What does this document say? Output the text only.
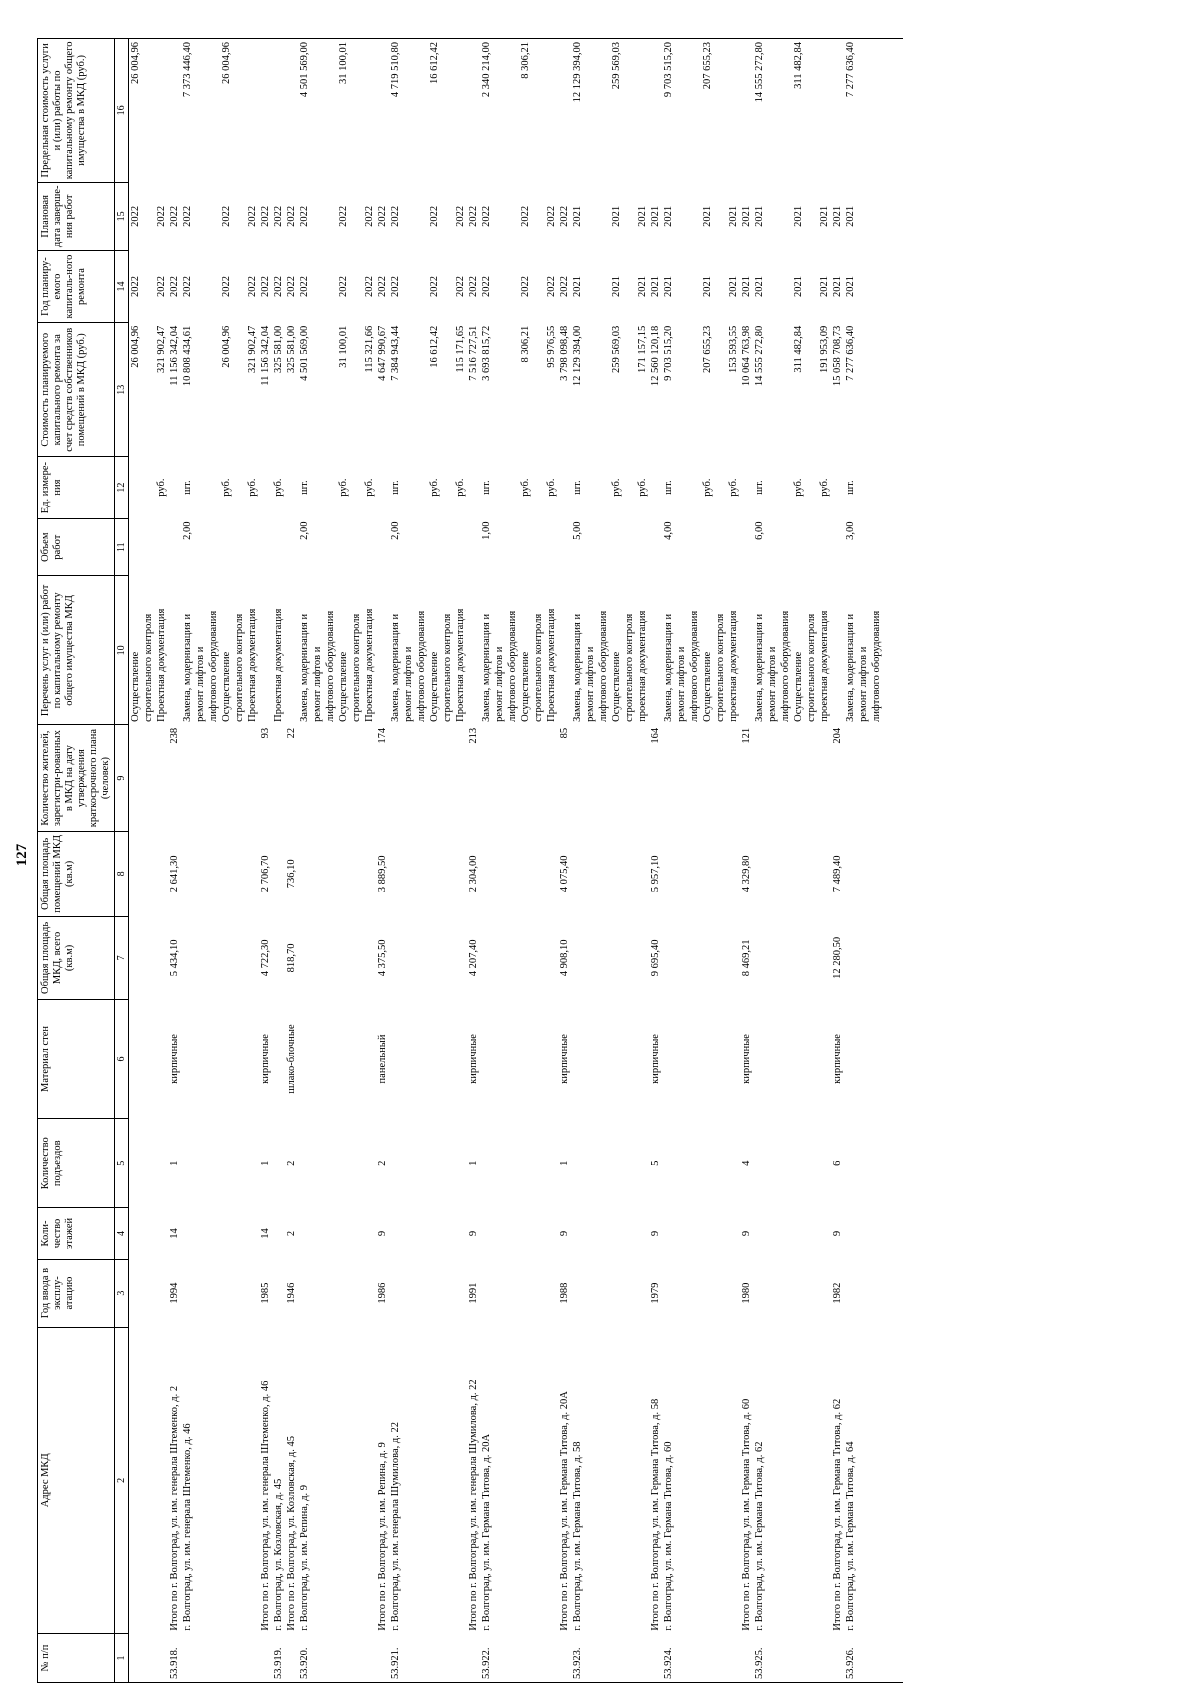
127
№ п/п	Адрес МКД	Год ввода в эксплу-атацию	Коли-чество этажей	Количество подъездов	Материал стен	Общая площадь МКД, всего (кв.м)	Общая площадь помещений МКД (кв.м)	Количество жителей, зарегистри-рованных в МКД на дату утверждения краткосрочного плана (человек)	Перечень услуг и (или) работ по капитальному ремонту общего имущества МКД	Объем работ	Ед. измере-ния	Стоимость планируемого капитального ремонта за счет средств собственников помещений в МКД (руб.)	Год планиру-емого капиталь-ного ремонта	Плановая дата заверше-ния работ	Предельная стоимость услуги и (или) работы по капитальному ремонту общего имущества в МКД (руб.)
1	2	3	4	5	6	7	8	9	10	11	12	13	14	15	16
									Осуществление			26 004,96	2022	2022	26 004,96
									строительного контроля						
									Проектная документация		руб.	321 902,47	2022	2022	
53.918.	Итого по г. Волгоград, ул. им. генерала Штеменко, д. 2	1994	14	1	кирпичные	5 434,10	2 641,30	238				11 156 342,04	2022	2022	
	г. Волгоград, ул. им. генерала Штеменко, д. 46								Замена, модернизация и	2,00	шт.	10 808 434,61	2022	2022	7 373 446,40
									ремонт лифтов и						
									лифтового оборудования						
									Осуществление		руб.	26 004,96	2022	2022	26 004,96
									строительного контроля						
									Проектная документация		руб.	321 902,47	2022	2022	
	Итого по г. Волгоград, ул. им. генерала Штеменко, д. 46	1985	14	1	кирпичные	4 722,30	2 706,70	93				11 156 342,04	2022	2022	
53.919.	г. Волгоград, ул. Козловская, д. 45								Проектная документация		руб.	325 581,00	2022	2022	
	Итого по г. Волгоград, ул. Козловская, д. 45	1946	2	2	шлако-блочные	818,70	736,10	22				325 581,00	2022	2022	
53.920.	г. Волгоград, ул. им. Репина, д. 9								Замена, модернизация и	2,00	шт.	4 501 569,00	2022	2022	4 501 569,00
									ремонт лифтов и						
									лифтового оборудования						
									Осуществление		руб.	31 100,01	2022	2022	31 100,01
									строительного контроля						
									Проектная документация		руб.	115 321,66	2022	2022	
	Итого по г. Волгоград, ул. им. Репина, д. 9	1986	9	2	панельный	4 375,50	3 889,50	174				4 647 990,67	2022	2022	
53.921.	г. Волгоград, ул. им. генерала Шумилова, д. 22								Замена, модернизация и	2,00	шт.	7 384 943,44	2022	2022	4 719 510,80
									ремонт лифтов и						
									лифтового оборудования						
									Осуществление		руб.	16 612,42	2022	2022	16 612,42
									строительного контроля						
									Проектная документация		руб.	115 171,65	2022	2022	
	Итого по г. Волгоград, ул. им. генерала Шумилова, д. 22	1991	9	1	кирпичные	4 207,40	2 304,00	213				7 516 727,51	2022	2022	
53.922.	г. Волгоград, ул. им. Германа Титова, д. 20А								Замена, модернизация и	1,00	шт.	3 693 815,72	2022	2022	2 340 214,00
									ремонт лифтов и						
									лифтового оборудования						
									Осуществление		руб.	8 306,21	2022	2022	8 306,21
									строительного контроля						
									Проектная документация		руб.	95 976,55	2022	2022	
	Итого по г. Волгоград, ул. им. Германа Титова, д. 20А	1988	9	1	кирпичные	4 908,10	4 075,40	85				3 798 098,48	2022	2022	
53.923.	г. Волгоград, ул. им. Германа Титова, д. 58								Замена, модернизация и	5,00	шт.	12 129 394,00	2021	2021	12 129 394,00
									ремонт лифтов и						
									лифтового оборудования						
									Осуществление		руб.	259 569,03	2021	2021	259 569,03
									строительного контроля						
									проектная документация		руб.	171 157,15	2021	2021	
	Итого по г. Волгоград, ул. им. Германа Титова, д. 58	1979	9	5	кирпичные	9 695,40	5 957,10	164				12 560 120,18	2021	2021	
53.924.	г. Волгоград, ул. им. Германа Титова, д. 60								Замена, модернизация и	4,00	шт.	9 703 515,20	2021	2021	9 703 515,20
									ремонт лифтов и						
									лифтового оборудования						
									Осуществление		руб.	207 655,23	2021	2021	207 655,23
									строительного контроля						
									проектная документация		руб.	153 593,55	2021	2021	
	Итого по г. Волгоград, ул. им. Германа Титова, д. 60	1980	9	4	кирпичные	8 469,21	4 329,80	121				10 064 763,98	2021	2021	
53.925.	г. Волгоград, ул. им. Германа Титова, д. 62								Замена, модернизация и	6,00	шт.	14 555 272,80	2021	2021	14 555 272,80
									ремонт лифтов и						
									лифтового оборудования						
									Осуществление		руб.	311 482,84	2021	2021	311 482,84
									строительного контроля						
									проектная документация		руб.	191 953,09	2021	2021	
	Итого по г. Волгоград, ул. им. Германа Титова, д. 62	1982	9	6	кирпичные	12 280,50	7 489,40	204				15 058 708,73	2021	2021	
53.926.	г. Волгоград, ул. им. Германа Титова, д. 64								Замена, модернизация и	3,00	шт.	7 277 636,40	2021	2021	7 277 636,40
									ремонт лифтов и						
									лифтового оборудования						
